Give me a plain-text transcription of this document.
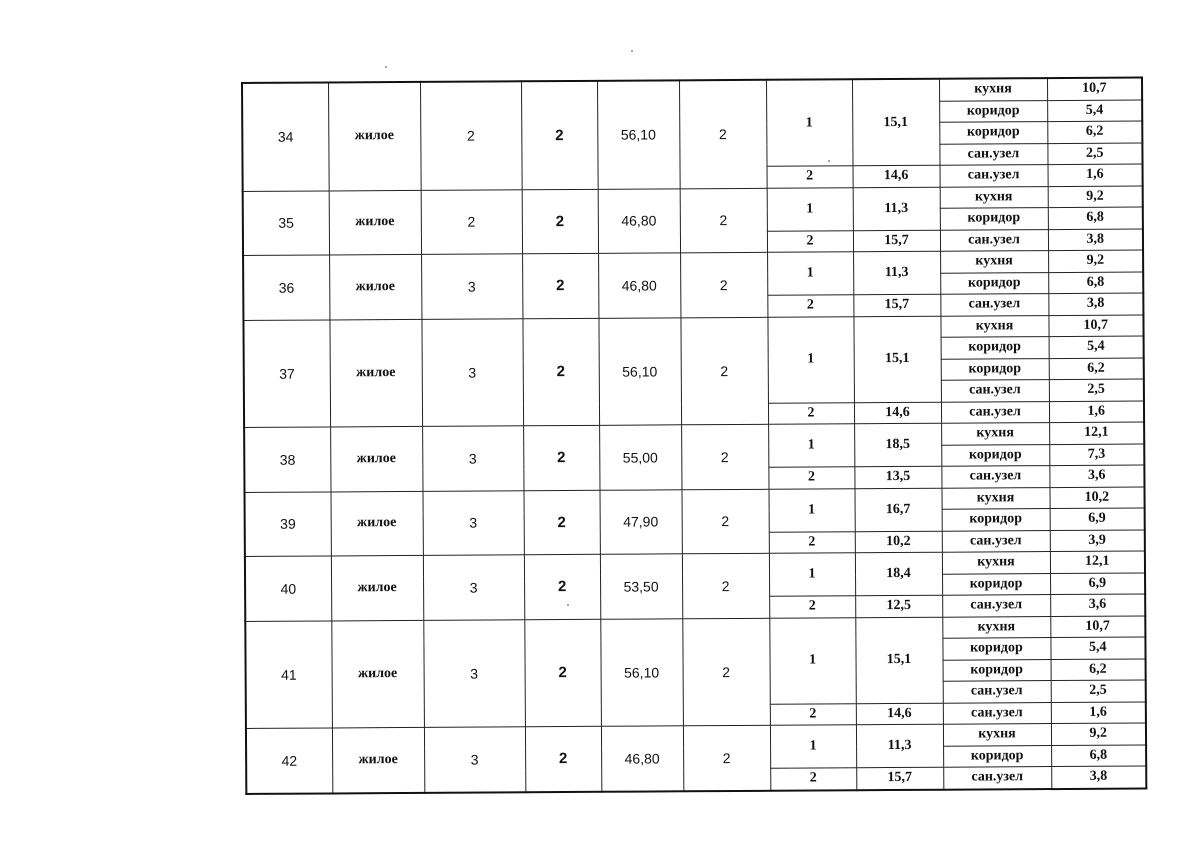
34	жилое	2	2	56,10	2	1	15,1	кухня	10,7
								коридор	5,4
								коридор	6,2
								сан.узел	2,5
						2	14,6	сан.узел	1,6
35	жилое	2	2	46,80	2	1	11,3	кухня	9,2
								коридор	6,8
						2	15,7	сан.узел	3,8
36	жилое	3	2	46,80	2	1	11,3	кухня	9,2
								коридор	6,8
						2	15,7	сан.узел	3,8
37	жилое	3	2	56,10	2	1	15,1	кухня	10,7
								коридор	5,4
								коридор	6,2
								сан.узел	2,5
						2	14,6	сан.узел	1,6
38	жилое	3	2	55,00	2	1	18,5	кухня	12,1
								коридор	7,3
						2	13,5	сан.узел	3,6
39	жилое	3	2	47,90	2	1	16,7	кухня	10,2
								коридор	6,9
						2	10,2	сан.узел	3,9
40	жилое	3	2	53,50	2	1	18,4	кухня	12,1
								коридор	6,9
						2	12,5	сан.узел	3,6
41	жилое	3	2	56,10	2	1	15,1	кухня	10,7
								коридор	5,4
								коридор	6,2
								сан.узел	2,5
						2	14,6	сан.узел	1,6
42	жилое	3	2	46,80	2	1	11,3	кухня	9,2
								коридор	6,8
						2	15,7	сан.узел	3,8
